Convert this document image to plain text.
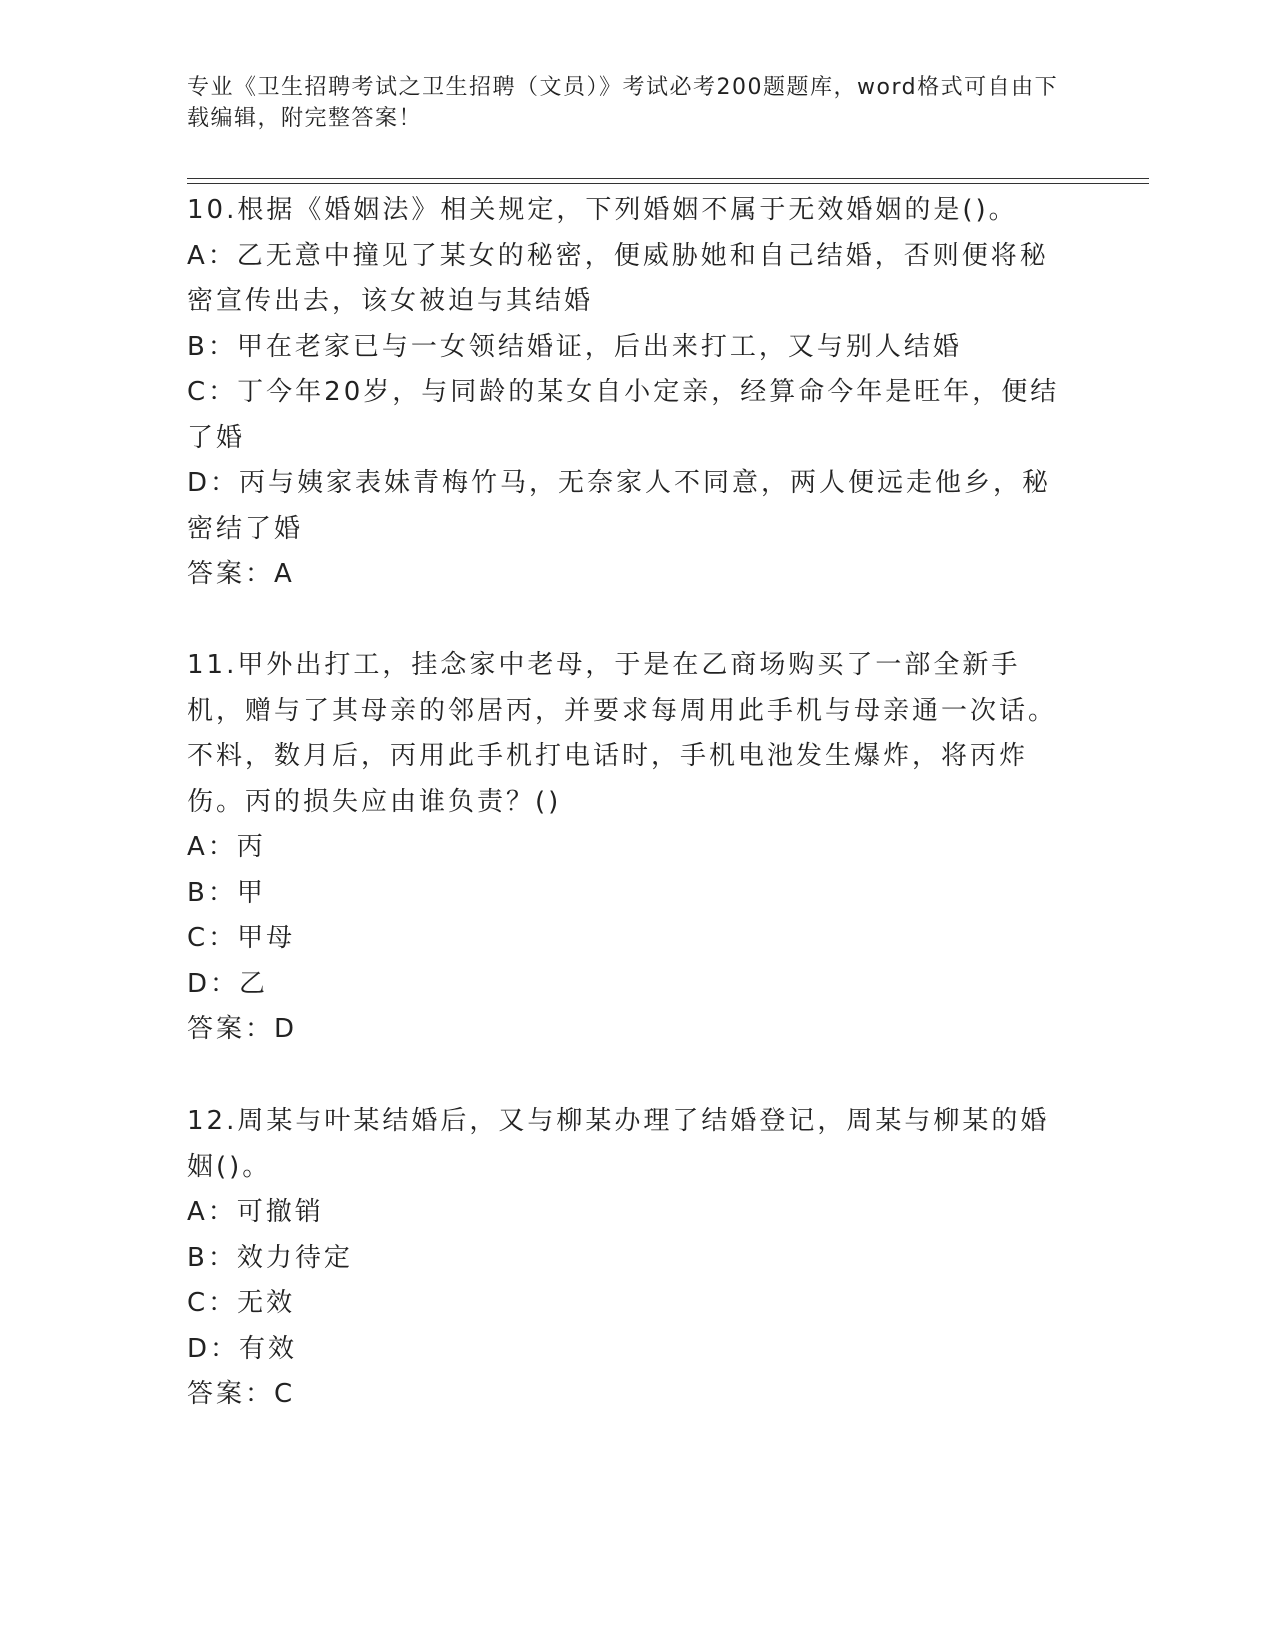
专业《卫生招聘考试之卫生招聘（文员）》考试必考200题题库，word格式可自由下载编辑，附完整答案！
10.根据《婚姻法》相关规定，下列婚姻不属于无效婚姻的是()。
A：乙无意中撞见了某女的秘密，便威胁她和自己结婚，否则便将秘密宣传出去，该女被迫与其结婚
B：甲在老家已与一女领结婚证，后出来打工，又与别人结婚
C：丁今年20岁，与同龄的某女自小定亲，经算命今年是旺年，便结了婚
D：丙与姨家表妹青梅竹马，无奈家人不同意，两人便远走他乡，秘密结了婚
答案：A
11.甲外出打工，挂念家中老母，于是在乙商场购买了一部全新手机，赠与了其母亲的邻居丙，并要求每周用此手机与母亲通一次话。不料，数月后，丙用此手机打电话时，手机电池发生爆炸，将丙炸伤。丙的损失应由谁负责？()
A：丙
B：甲
C：甲母
D：乙
答案：D
12.周某与叶某结婚后，又与柳某办理了结婚登记，周某与柳某的婚姻()。
A：可撤销
B：效力待定
C：无效
D：有效
答案：C
